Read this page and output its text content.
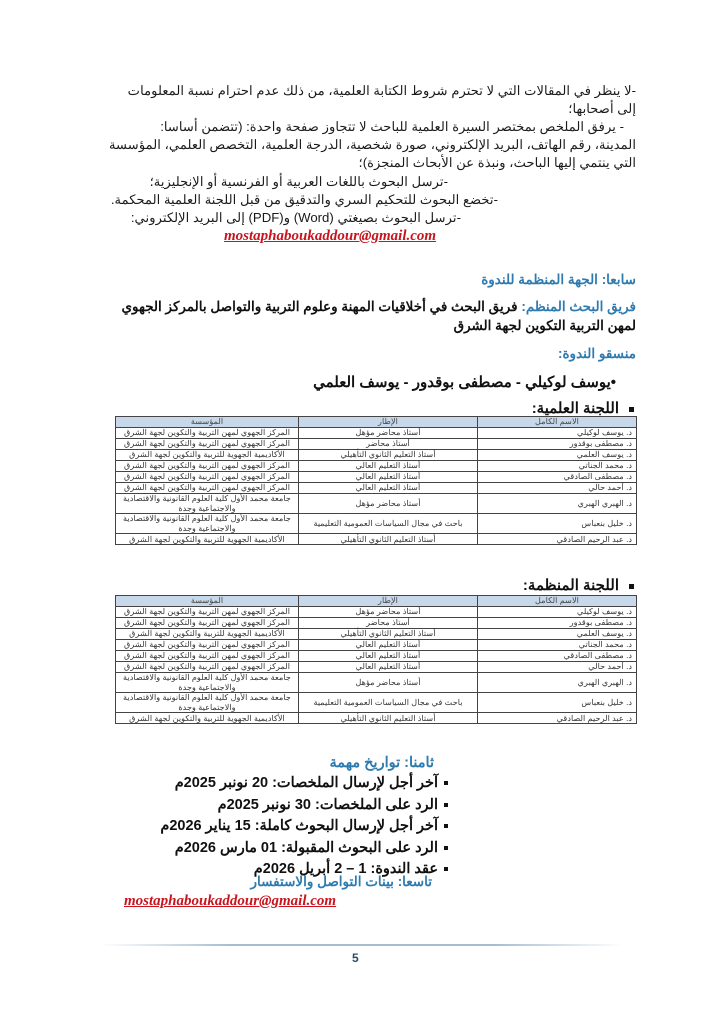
-لا ينظر في المقالات التي لا تحترم شروط الكتابة العلمية، من ذلك عدم احترام نسبة المعلومات
إلى أصحابها؛
- يرفق الملخص بمختصر السيرة العلمية للباحث لا تتجاوز صفحة واحدة: (تتضمن أساسا:
المدينة، رقم الهاتف، البريد الإلكتروني، صورة شخصية، الدرجة العلمية، التخصص العلمي، المؤسسة
التي ينتمي إليها الباحث، ونبذة عن الأبحاث المنجزة)؛
-ترسل البحوث باللغات العربية أو الفرنسية أو الإنجليزية؛
-تخضع البحوث للتحكيم السري والتدقيق من قبل اللجنة العلمية المحكمة.
-ترسل البحوث بصيغتي (Word) و(PDF) إلى البريد الإلكتروني:
mostaphaboukaddour@gmail.com
سابعا: الجهة المنظمة للندوة
فريق البحث المنظم: فريق البحث في أخلاقيات المهنة وعلوم التربية والتواصل بالمركز الجهوي
لمهن التربية التكوين لجهة الشرق
منسقو الندوة:
•يوسف لوكيلي - مصطفى بوقدور - يوسف العلمي
اللجنة العلمية:
الاسم الكامل	الإطار	المؤسسة
د. يوسف لوكيلي	أستاذ محاضر مؤهل	المركز الجهوي لمهن التربية والتكوين لجهة الشرق
د. مصطفى بوقدور	أستاذ محاضر	المركز الجهوي لمهن التربية والتكوين لجهة الشرق
د. يوسف العلمي	أستاذ التعليم الثانوي التأهيلي	الأكاديمية الجهوية للتربية والتكوين لجهة الشرق
د. محمد الجناتي	أستاذ التعليم العالي	المركز الجهوي لمهن التربية والتكوين لجهة الشرق
د. مصطفى الصادقي	أستاذ التعليم العالي	المركز الجهوي لمهن التربية والتكوين لجهة الشرق
د. أحمد حالي	أستاذ التعليم العالي	المركز الجهوي لمهن التربية والتكوين لجهة الشرق
د. الهبري الهبري	أستاذ محاضر مؤهل	جامعة محمد الأول كلية العلوم القانونية والاقتصادية والاجتماعية وجدة
د. خليل بنعباس	باحث في مجال السياسات العمومية التعليمية	جامعة محمد الأول كلية العلوم القانونية والاقتصادية والاجتماعية وجدة
د. عبد الرحيم الصادقي	أستاذ التعليم الثانوي التأهيلي	الأكاديمية الجهوية للتربية والتكوين لجهة الشرق
اللجنة المنظمة:
الاسم الكامل	الإطار	المؤسسة
د. يوسف لوكيلي	أستاذ محاضر مؤهل	المركز الجهوي لمهن التربية والتكوين لجهة الشرق
د. مصطفى بوقدور	أستاذ محاضر	المركز الجهوي لمهن التربية والتكوين لجهة الشرق
د. يوسف العلمي	أستاذ التعليم الثانوي التأهيلي	الأكاديمية الجهوية للتربية والتكوين لجهة الشرق
د. محمد الجناتي	أستاذ التعليم العالي	المركز الجهوي لمهن التربية والتكوين لجهة الشرق
د. مصطفى الصادقي	أستاذ التعليم العالي	المركز الجهوي لمهن التربية والتكوين لجهة الشرق
د. أحمد حالي	أستاذ التعليم العالي	المركز الجهوي لمهن التربية والتكوين لجهة الشرق
د. الهبري الهبري	أستاذ محاضر مؤهل	جامعة محمد الأول كلية العلوم القانونية والاقتصادية والاجتماعية وجدة
د. خليل بنعباس	باحث في مجال السياسات العمومية التعليمية	جامعة محمد الأول كلية العلوم القانونية والاقتصادية والاجتماعية وجدة
د. عبد الرحيم الصادقي	أستاذ التعليم الثانوي التأهيلي	الأكاديمية الجهوية للتربية والتكوين لجهة الشرق
ثامنا: تواريخ مهمة
آخر أجل لإرسال الملخصات: 20 نونبر 2025م
الرد على الملخصات: 30 نونبر 2025م
آخر أجل لإرسال البحوث كاملة: 15 يناير 2026م
الرد على البحوث المقبولة: 01 مارس 2026م
عقد الندوة: 1 – 2 أبريل 2026م
تاسعا: بينات التواصل والاستفسار
mostaphaboukaddour@gmail.com
5
